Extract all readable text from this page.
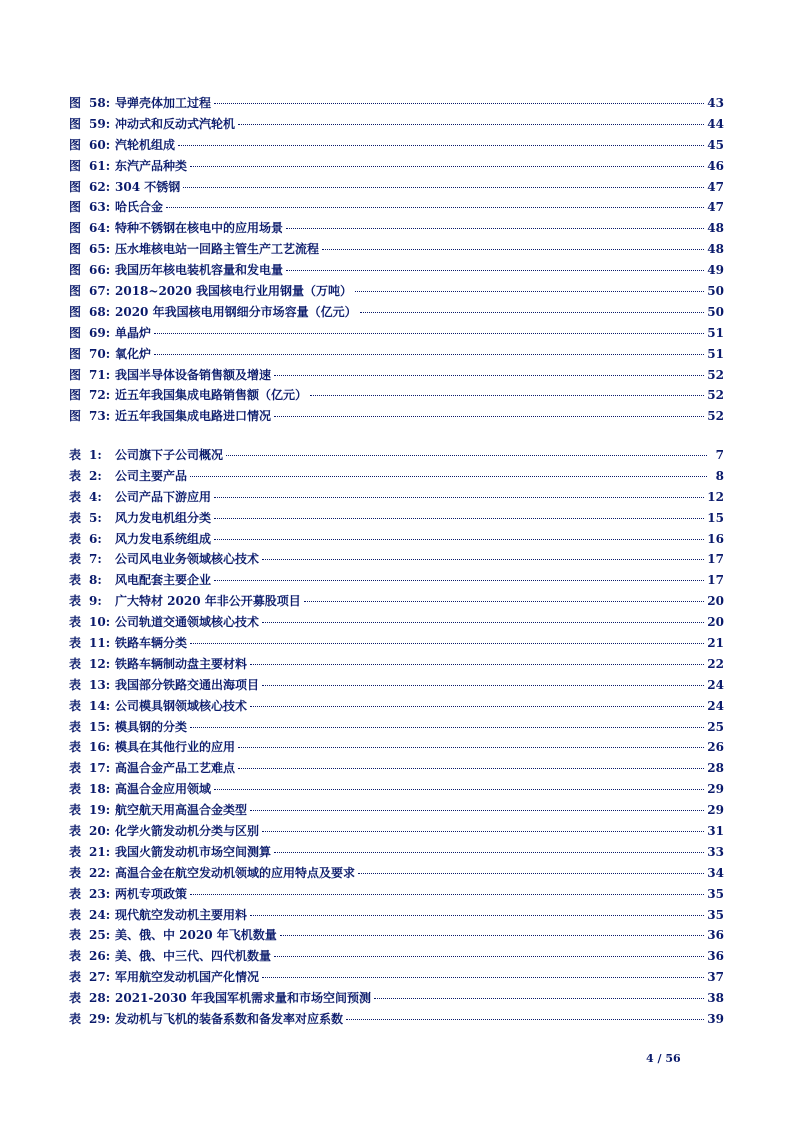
图 58: 导弹壳体加工过程	43
图 59: 冲动式和反动式汽轮机	44
图 60: 汽轮机组成	45
图 61: 东汽产品种类	46
图 62: 304 不锈钢	47
图 63: 哈氏合金	47
图 64: 特种不锈钢在核电中的应用场景	48
图 65: 压水堆核电站一回路主管生产工艺流程	48
图 66: 我国历年核电装机容量和发电量	49
图 67: 2018~2020 我国核电行业用钢量（万吨）	50
图 68: 2020 年我国核电用钢细分市场容量（亿元）	50
图 69: 单晶炉	51
图 70: 氧化炉	51
图 71: 我国半导体设备销售额及增速	52
图 72: 近五年我国集成电路销售额（亿元）	52
图 73: 近五年我国集成电路进口情况	52
表 1:	公司旗下子公司概况	7
表 2:	公司主要产品	8
表 4:	公司产品下游应用	12
表 5:	风力发电机组分类	15
表 6:	风力发电系统组成	16
表 7:	公司风电业务领域核心技术	17
表 8:	风电配套主要企业	17
表 9:	广大特材 2020 年非公开募股项目	20
表 10: 公司轨道交通领域核心技术	20
表 11: 铁路车辆分类	21
表 12: 铁路车辆制动盘主要材料	22
表 13: 我国部分铁路交通出海项目	24
表 14: 公司模具钢领域核心技术	24
表 15: 模具钢的分类	25
表 16: 模具在其他行业的应用	26
表 17: 高温合金产品工艺难点	28
表 18: 高温合金应用领域	29
表 19: 航空航天用高温合金类型	29
表 20: 化学火箭发动机分类与区别	31
表 21: 我国火箭发动机市场空间测算	33
表 22: 高温合金在航空发动机领域的应用特点及要求	34
表 23: 两机专项政策	35
表 24: 现代航空发动机主要用料	35
表 25: 美、俄、中 2020 年飞机数量	36
表 26: 美、俄、中三代、四代机数量	36
表 27: 军用航空发动机国产化情况	37
表 28: 2021-2030 年我国军机需求量和市场空间预测	38
表 29: 发动机与飞机的装备系数和备发率对应系数	39
4 / 56
